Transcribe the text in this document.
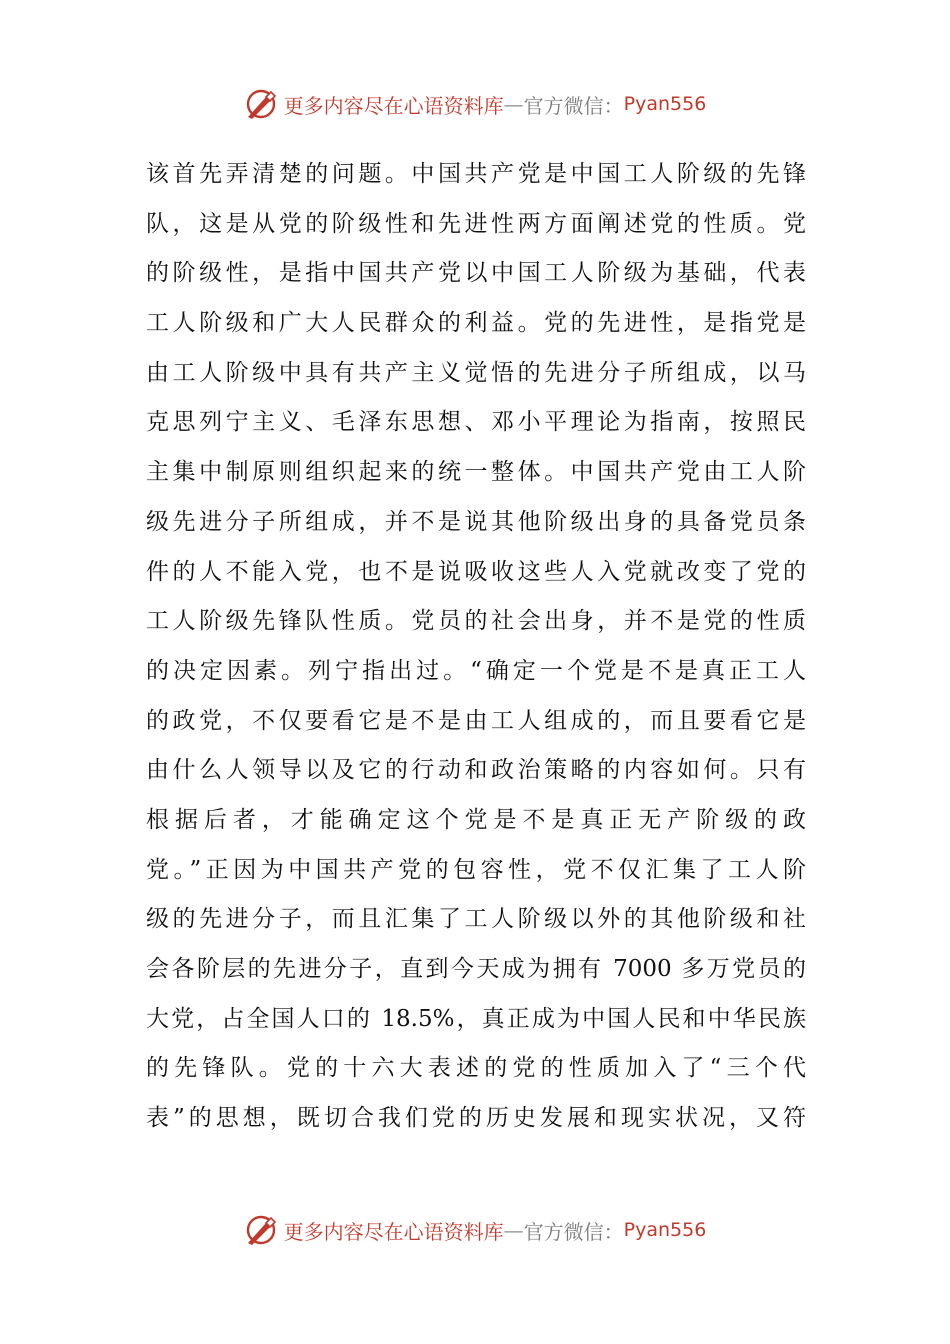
更多内容尽在心语资料库 — 官方微信： Pyan556
该首先弄清楚的问题。中国共产党是中国工人阶级的先锋
队，这是从党的阶级性和先进性两方面阐述党的性质。党
的阶级性，是指中国共产党以中国工人阶级为基础，代表
工人阶级和广大人民群众的利益。党的先进性，是指党是
由工人阶级中具有共产主义觉悟的先进分子所组成，以马
克思列宁主义、毛泽东思想、邓小平理论为指南，按照民
主集中制原则组织起来的统一整体。中国共产党由工人阶
级先进分子所组成，并不是说其他阶级出身的具备党员条
件的人不能入党，也不是说吸收这些人入党就改变了党的
工人阶级先锋队性质。党员的社会出身，并不是党的性质
的决定因素。列宁指出过。“确定一个党是不是真正工人
的政党，不仅要看它是不是由工人组成的，而且要看它是
由什么人领导以及它的行动和政治策略的内容如何。只有
根据后者，才能确定这个党是不是真正无产阶级的政
党。”正因为中国共产党的包容性，党不仅汇集了工人阶
级的先进分子，而且汇集了工人阶级以外的其他阶级和社
会各阶层的先进分子，直到今天成为拥有 7000 多万党员的
大党，占全国人口的 18.5%，真正成为中国人民和中华民族
的先锋队。党的十六大表述的党的性质加入了“三个代
表”的思想，既切合我们党的历史发展和现实状况，又符
更多内容尽在心语资料库 — 官方微信： Pyan556
